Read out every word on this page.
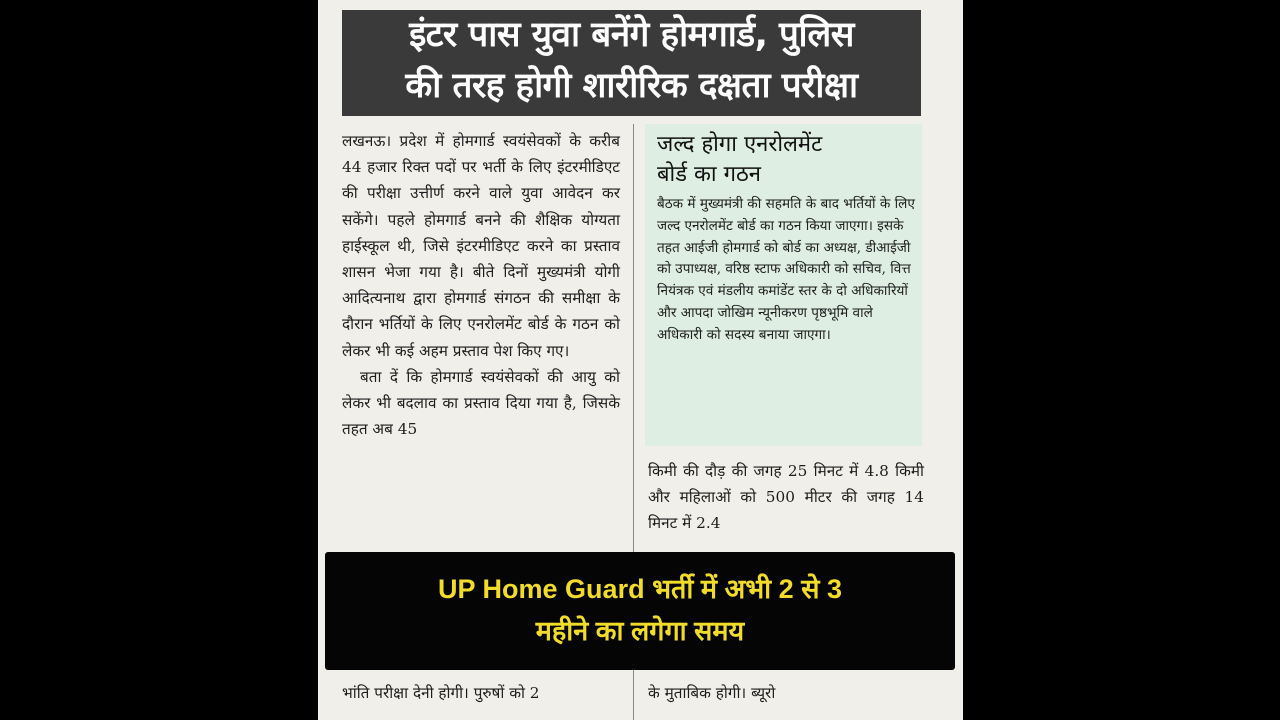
इंटर पास युवा बनेंगे होमगार्ड, पुलिस
की तरह होगी शारीरिक दक्षता परीक्षा

लखनऊ। प्रदेश में होमगार्ड स्वयंसेवकों के करीब 44 हजार रिक्त पदों पर भर्ती के लिए इंटरमीडिएट की परीक्षा उत्तीर्ण करने वाले युवा आवेदन कर सकेंगे। पहले होमगार्ड बनने की शैक्षिक योग्यता हाईस्कूल थी, जिसे इंटरमीडिएट करने का प्रस्ताव शासन भेजा गया है। बीते दिनों मुख्यमंत्री योगी आदित्यनाथ द्वारा होमगार्ड संगठन की समीक्षा के दौरान भर्तियों के लिए एनरोलमेंट बोर्ड के गठन को लेकर भी कई अहम प्रस्ताव पेश किए गए।

बता दें कि होमगार्ड स्वयंसेवकों की आयु को लेकर भी बदलाव का प्रस्ताव दिया गया है, जिसके तहत अब 45

जल्द होगा एनरोलमेंट
बोर्ड का गठन

बैठक में मुख्यमंत्री की सहमति के बाद भर्तियों के लिए जल्द एनरोलमेंट बोर्ड का गठन किया जाएगा। इसके तहत आईजी होमगार्ड को बोर्ड का अध्यक्ष, डीआईजी को उपाध्यक्ष, वरिष्ठ स्टाफ अधिकारी को सचिव, वित्त नियंत्रक एवं मंडलीय कमांडेंट स्तर के दो अधिकारियों और आपदा जोखिम न्यूनीकरण पृष्ठभूमि वाले अधिकारी को सदस्य बनाया जाएगा।

किमी की दौड़ की जगह 25 मिनट में 4.8 किमी और महिलाओं को 500 मीटर की जगह 14 मिनट में 2.4

भांति परीक्षा देनी होगी। पुरुषों को 2	के मुताबिक होगी। ब्यूरो

UP Home Guard भर्ती में अभी 2 से 3
महीने का लगेगा समय
